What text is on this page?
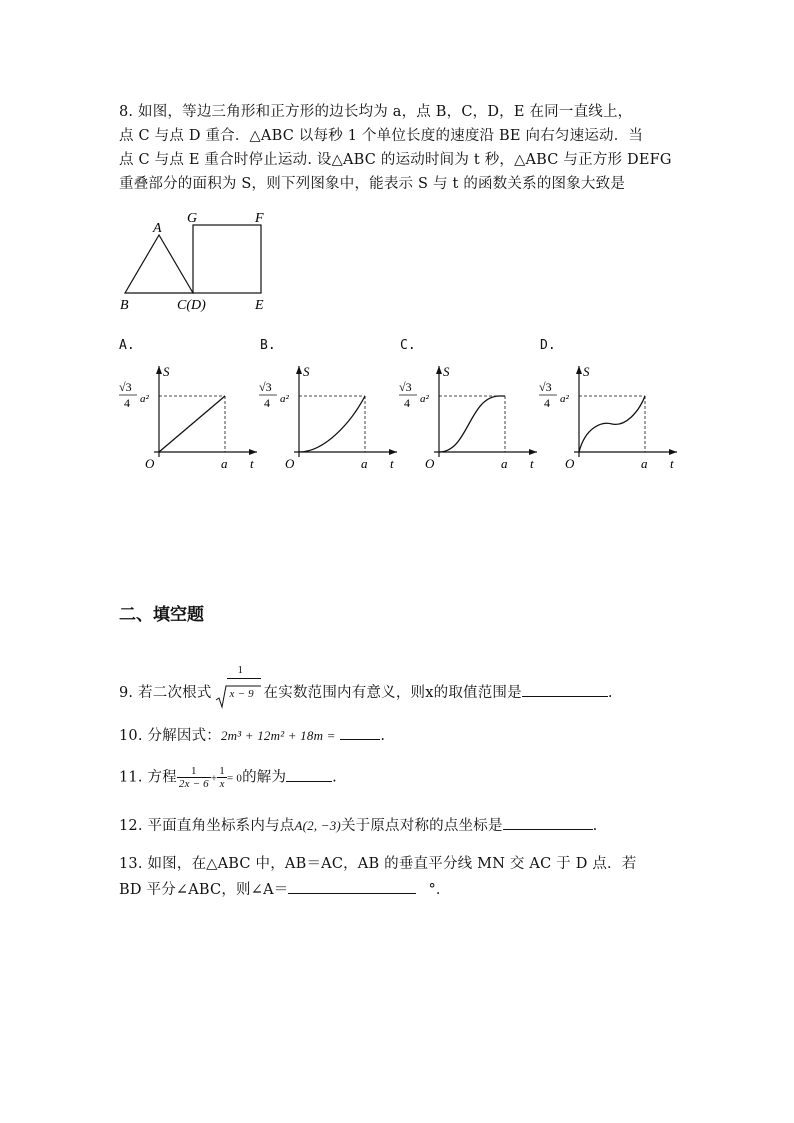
8. 如图，等边三角形和正方形的边长均为 a，点 B，C，D，E 在同一直线上，
点 C 与点 D 重合．△ABC 以每秒 1 个单位长度的速度沿 BE 向右匀速运动．当
点 C 与点 E 重合时停止运动. 设△ABC 的运动时间为 t 秒，△ABC 与正方形 DEFG
重叠部分的面积为 S，则下列图象中，能表示 S 与 t 的函数关系的图象大致是
A
B	C(D)	E
G	F
A.	B.	C.	D.
S
t
O	a
√3
4 a²
S
t
O	a
√3
4 a²
S
t
O	a
√3
4 a²
S
t
O	a
√3
4 a²
二、填空题
9. 若二次根式 $\frac{1}{x - 9}$ 在实数范围内有意义，则x的取值范围是	.
10. 分解因式：2m³ + 12m² + 18m =	.
11. 方程 $\frac{1}{2x - 6} + \frac{1}{x} = 0$的解为	.
12. 平面直角坐标系内与点A(2, −3)关于原点对称的点坐标是	.
13. 如图，在△ABC 中，AB＝AC，AB 的垂直平分线 MN 交 AC 于 D 点．若
BD 平分∠ABC，则∠A＝	°．
